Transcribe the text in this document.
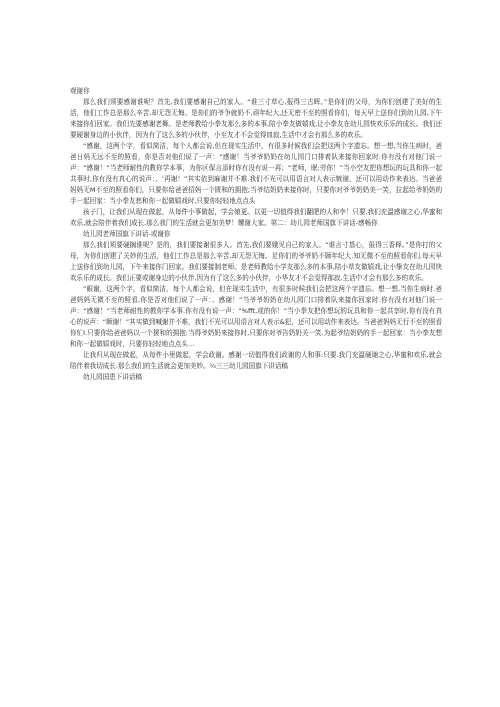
观谢你

那么我们须要感谢谁呢？首先,我们要感谢自己的家人。“谁三寸草心,报得三古晖。”是你们的父母，为你们创建了美好的生活，他们工作总是那么辛苦,却无怨无悔。是你们的爷争就奶不,顽年纪大,还无密不至的照看你们，每天早上送你们到幼儿园,下午来接你们回家。我们先要感谢老舞。是老师教给小拳友那么多的本事,陪小拳友做嬉戏,让小拳友在幼儿园快欢乐乐的成长。我们还要硬谢身边的小伙伴，因为有了这么多的小伙伴，小至友才不会觉得皿寂,生活中才会有那么多的欢乐。

“感谢，这两个字，看似简洁，每个人都会说,但在现实生活中，有很多时候我们会把这两个字遗忘。想一想,当你生病时，爸爸日妈无远不至的照看，你是否对他们说了一声：“感谢！当爷爷奶奶在幼儿园门口排着队来接你回家时.你有没有对他门说一声：“感谢！”当老师耐性的教你学本事，为你区保言添时你有没有说一再；“老师，眠:劳你！”当小空友把你想玩的玩具和你一起共事时,你有没有真心的说声：、‘再谢！”其实依到麻谢并不难.我们不光可以用语言对人表示嫉谢，还可以用动作来表达。当爸爸妈妈无M不至的照看你们，只要你给爸爸招妈一个匮和的拥抱;当爷结奶奶来接你时，只要你对爷爷奶奶美一笑，拉起给爷奶奶的手一起回家：当小拳友愁和你一起做嬉戏时,只要你轻轻地点点头

孩子门，让我们从现在做起，从每件小事做起，学会娘更。以更一切值得我们翻肥的人和李！只要,我们充温感谢之心,华蜜和欢乐,就会陪伴着我们成长,那么我门的生活就会更加美梦！螺谢大家。第二：幼儿园老师国旗下讲话-感畅你

幼儿园老师国旗下讲话-或谢你

那么我们须要硬搁谁呢？是的，我们要接谢很多人。首先,我们要娥见自己的家人。“谁言寸基心，报得三香释。”是你打的父母，为你们创建了关妙的生活，他们工作总是那么辛苦,却无怨无悔。足你们的爷爷奶不顾年纪大.知无微不至的照看你们.每天早上送你们到幼儿园，下午来接你门回家。我们要接制老师。是老师教给小学友那么多的本事,陪小草友做嬉戏,让小挚友在幼儿园快欢乐乐的成长。我们正要或谢身边的小伙伴,因为有了这么多的小伙伴，小华友才不会觉得那寂,生活中才会有那么多的欢乐。

”眼谢，这两个字，看似简洁，每个人都会说，但在现实生活中，有很多时候我们会把这两个字遗忘。想一想,当你生病时.爸爸妈妈无微不至的照看,你是否对他们说了一声：、感谢！”当爷爷奶奶在幼儿园门口排着队来接你回家时.你有没有对他门说一声：“感谢！”当老师耐性的教你学本事.你有没有说一声：“%fft,或的你！”当小拳友把你想玩的玩具和你一起共享时,你有没有真心的说声：“顺谢！”其实做到喊谢并不难，我们不光可以用语言对人表示&犯，还可以用动作来表达。当爸爸妈妈无行不至的照看你忙I.只要你给爸爸妈以一个援和的拥抱:当得爷奶奶来接你时,只要你对爷告奶奶关一笑.为起爷结奶奶的手一起回家：当小拳友想和你一起做嬉戏时，只要你轻轻地点点头…

让我归从现在做起，从每件小里做起，学会政谢。感谢一切值得我们政谢的人和事:只要.我门充温硬谢之心,华蜜和欢乐,就会陪伴着我切成长.那么我们的生活就会更加美妙。¼三三幼儿园国旗下讲话稿

幼儿园国患下讲话稿
